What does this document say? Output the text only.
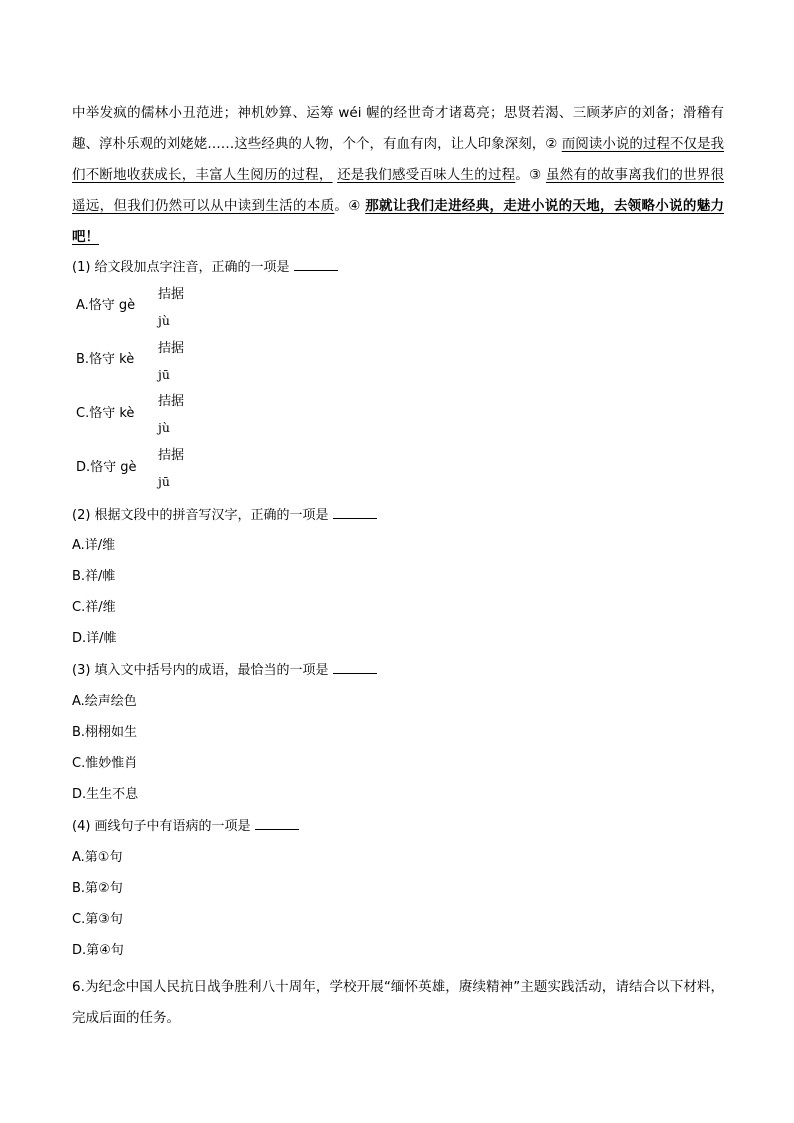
中举发疯的儒林小丑范进；神机妙算、运筹 wéi 幄的经世奇才诸葛亮；思贤若渴、三顾茅庐的刘备；滑稽有趣、淳朴乐观的刘姥姥……这些经典的人物，个个，有血有肉，让人印象深刻，② 而阅读小说的过程不仅是我们不断地收获成长，丰富人生阅历的过程， 还是我们感受百味人生的过程。③ 虽然有的故事离我们的世界很遥远，但我们仍然可以从中读到生活的本质。④ 那就让我们走进经典，走进小说的天地，去领略小说的魅力吧！
(1) 给文段加点字注音，正确的一项是
A.恪守 gè
拮据
jù
B.恪守 kè
拮据
jū
C.恪守 kè
拮据
jù
D.恪守 gè
拮据
jū
(2) 根据文段中的拼音写汉字，正确的一项是
A.详/维
B.祥/帷
C.祥/维
D.详/帷
(3) 填入文中括号内的成语，最恰当的一项是
A.绘声绘色
B.栩栩如生
C.惟妙惟肖
D.生生不息
(4) 画线句子中有语病的一项是
A.第①句
B.第②句
C.第③句
D.第④句
6.为纪念中国人民抗日战争胜利八十周年，学校开展“缅怀英雄，赓续精神”主题实践活动，请结合以下材料，完成后面的任务。
